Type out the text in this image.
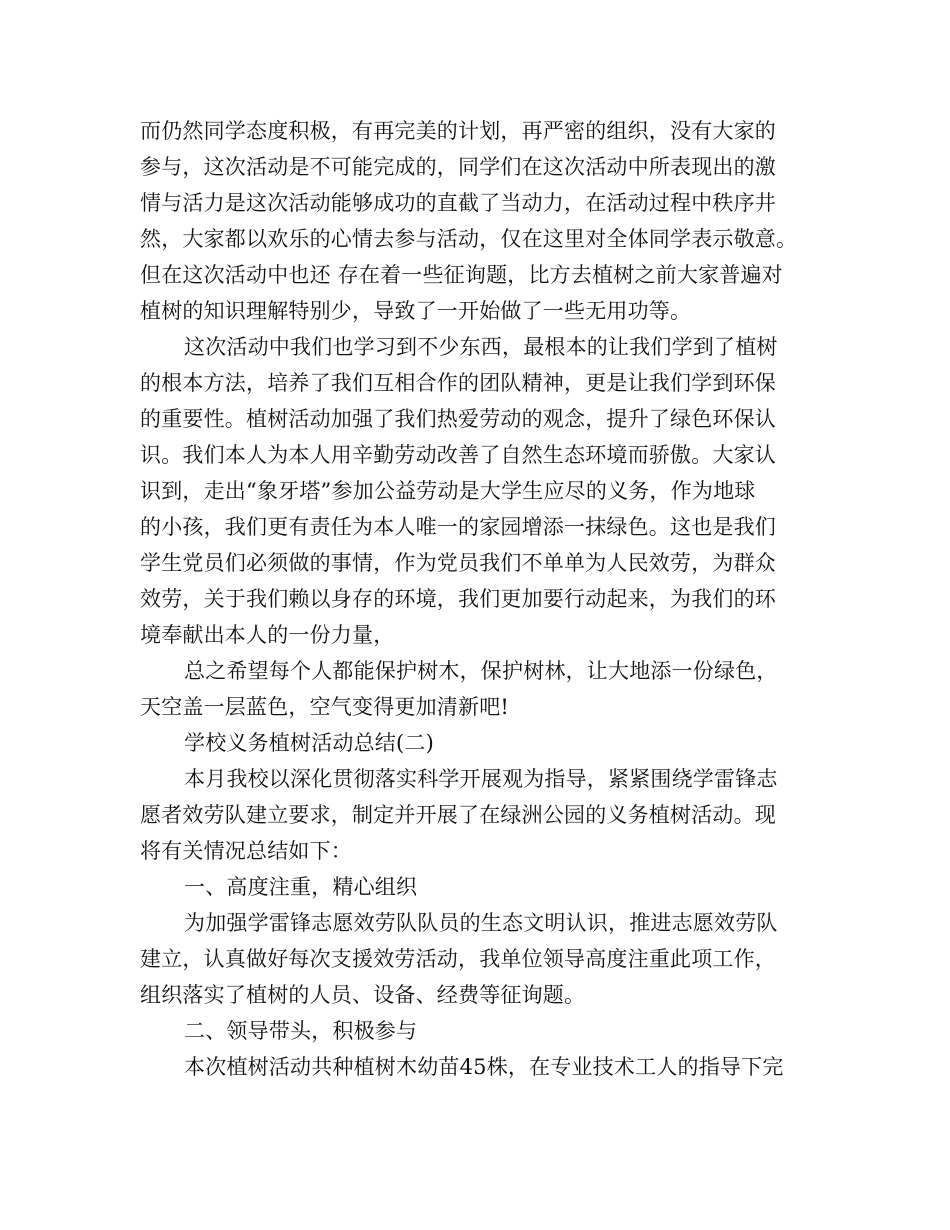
而仍然同学态度积极，有再完美的计划，再严密的组织，没有大家的
参与，这次活动是不可能完成的，同学们在这次活动中所表现出的激
情与活力是这次活动能够成功的直截了当动力，在活动过程中秩序井
然，大家都以欢乐的心情去参与活动，仅在这里对全体同学表示敬意。
但在这次活动中也还 存在着一些征询题，比方去植树之前大家普遍对
植树的知识理解特别少，导致了一开始做了一些无用功等。
这次活动中我们也学习到不少东西，最根本的让我们学到了植树
的根本方法，培养了我们互相合作的团队精神，更是让我们学到环保
的重要性。植树活动加强了我们热爱劳动的观念，提升了绿色环保认
识。我们本人为本人用辛勤劳动改善了自然生态环境而骄傲。大家认
识到，走出“象牙塔”参加公益劳动是大学生应尽的义务，作为地球
的小孩，我们更有责任为本人唯一的家园增添一抹绿色。这也是我们
学生党员们必须做的事情，作为党员我们不单单为人民效劳，为群众
效劳，关于我们赖以身存的环境，我们更加要行动起来，为我们的环
境奉献出本人的一份力量，
总之希望每个人都能保护树木，保护树林，让大地添一份绿色，
天空盖一层蓝色，空气变得更加清新吧!
学校义务植树活动总结(二)
本月我校以深化贯彻落实科学开展观为指导，紧紧围绕学雷锋志
愿者效劳队建立要求，制定并开展了在绿洲公园的义务植树活动。现
将有关情况总结如下：
一、高度注重，精心组织
为加强学雷锋志愿效劳队队员的生态文明认识，推进志愿效劳队
建立，认真做好每次支援效劳活动，我单位领导高度注重此项工作，
组织落实了植树的人员、设备、经费等征询题。
二、领导带头，积极参与
本次植树活动共种植树木幼苗45株，在专业技术工人的指导下完
